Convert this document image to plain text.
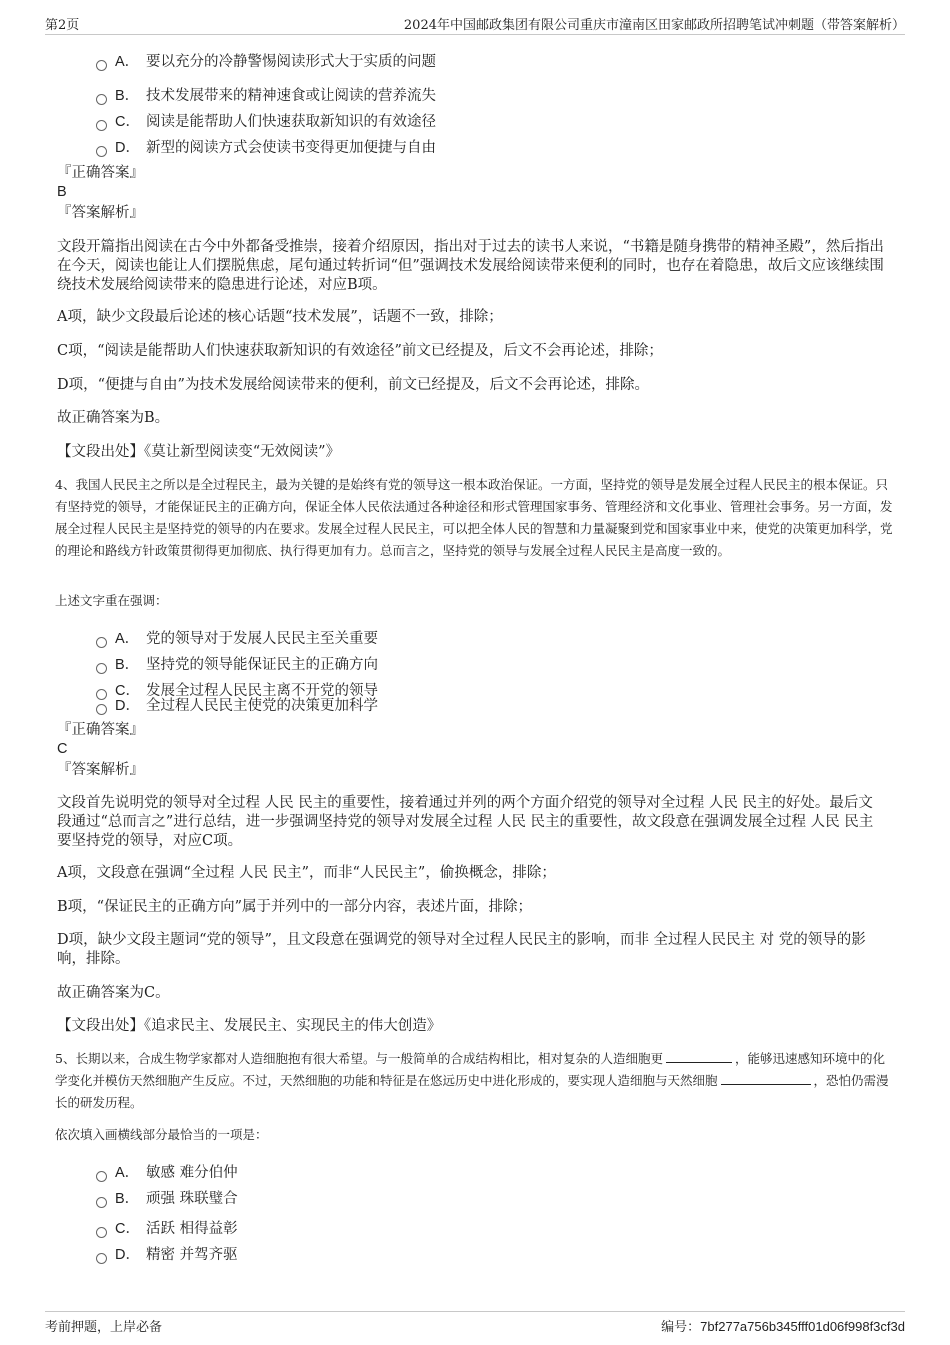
第2页	2024年中国邮政集团有限公司重庆市潼南区田家邮政所招聘笔试冲刺题（带答案解析）
A． 要以充分的冷静警惕阅读形式大于实质的问题
B． 技术发展带来的精神速食或让阅读的营养流失
C． 阅读是能帮助人们快速获取新知识的有效途径
D． 新型的阅读方式会使读书变得更加便捷与自由
『正确答案』
B
『答案解析』
文段开篇指出阅读在古今中外都备受推崇，接着介绍原因，指出对于过去的读书人来说，“书籍是随身携带的精神圣殿”，然后指出在今天，阅读也能让人们摆脱焦虑，尾句通过转折词“但”强调技术发展给阅读带来便利的同时，也存在着隐患，故后文应该继续围绕技术发展给阅读带来的隐患进行论述，对应B项。
A项，缺少文段最后论述的核心话题“技术发展”，话题不一致，排除；
C项，“阅读是能帮助人们快速获取新知识的有效途径”前文已经提及，后文不会再论述，排除；
D项，“便捷与自由”为技术发展给阅读带来的便利，前文已经提及，后文不会再论述，排除。
故正确答案为B。
【文段出处】《莫让新型阅读变“无效阅读”》
4、我国人民民主之所以是全过程民主，最为关键的是始终有党的领导这一根本政治保证。一方面，坚持党的领导是发展全过程人民民主的根本保证。只有坚持党的领导，才能保证民主的正确方向，保证全体人民依法通过各种途径和形式管理国家事务、管理经济和文化事业、管理社会事务。另一方面，发展全过程人民民主是坚持党的领导的内在要求。发展全过程人民民主，可以把全体人民的智慧和力量凝聚到党和国家事业中来，使党的决策更加科学，党的理论和路线方针政策贯彻得更加彻底、执行得更加有力。总而言之，坚持党的领导与发展全过程人民民主是高度一致的。
上述文字重在强调：
A． 党的领导对于发展人民民主至关重要
B． 坚持党的领导能保证民主的正确方向
C． 发展全过程人民民主离不开党的领导
D． 全过程人民民主使党的决策更加科学
『正确答案』
C
『答案解析』
文段首先说明党的领导对全过程 人民 民主的重要性，接着通过并列的两个方面介绍党的领导对全过程 人民 民主的好处。最后文段通过“总而言之”进行总结，进一步强调坚持党的领导对发展全过程 人民 民主的重要性，故文段意在强调发展全过程 人民 民主要坚持党的领导，对应C项。
A项，文段意在强调“全过程 人民 民主”，而非“人民民主”，偷换概念，排除；
B项，“保证民主的正确方向”属于并列中的一部分内容，表述片面，排除；
D项，缺少文段主题词“党的领导”，且文段意在强调党的领导对全过程人民民主的影响，而非 全过程人民民主 对 党的领导的影响，排除。
故正确答案为C。
【文段出处】《追求民主、发展民主、实现民主的伟大创造》
5、长期以来，合成生物学家都对人造细胞抱有很大希望。与一般简单的合成结构相比，相对复杂的人造细胞更	，能够迅速感知环境中的化学变化并模仿天然细胞产生反应。不过，天然细胞的功能和特征是在悠远历史中进化形成的，要实现人造细胞与天然细胞	，恐怕仍需漫长的研发历程。
依次填入画横线部分最恰当的一项是：
A． 敏感 难分伯仲
B． 顽强 珠联璧合
C． 活跃 相得益彰
D． 精密 并驾齐驱
考前押题，上岸必备	编号：7bf277a756b345fff01d06f998f3cf3d
